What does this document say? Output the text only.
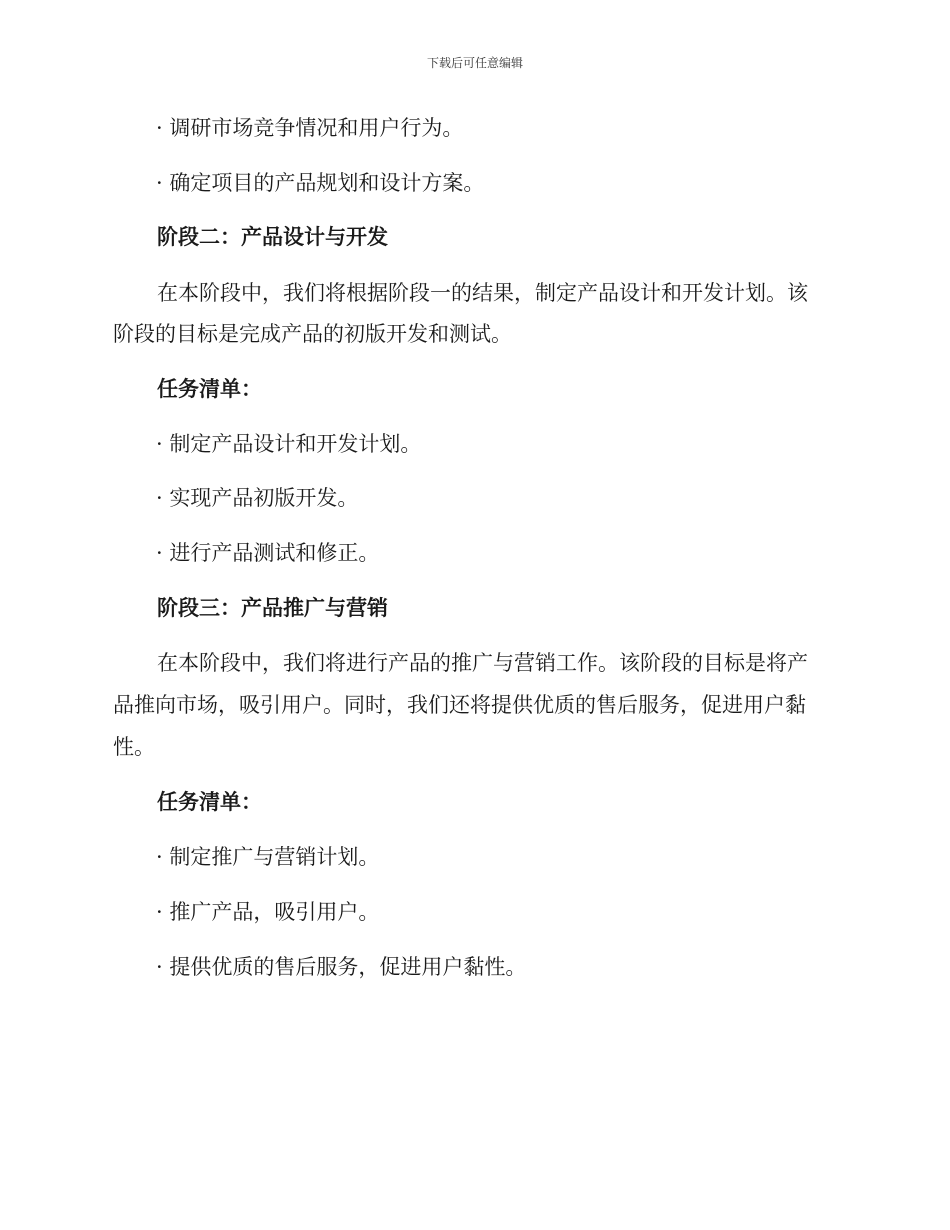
下载后可任意编辑
· 调研市场竞争情况和用户行为。
· 确定项目的产品规划和设计方案。
阶段二：产品设计与开发
在本阶段中，我们将根据阶段一的结果，制定产品设计和开发计划。该
阶段的目标是完成产品的初版开发和测试。
任务清单：
· 制定产品设计和开发计划。
· 实现产品初版开发。
· 进行产品测试和修正。
阶段三：产品推广与营销
在本阶段中，我们将进行产品的推广与营销工作。该阶段的目标是将产
品推向市场，吸引用户。同时，我们还将提供优质的售后服务，促进用户黏
性。
任务清单：
· 制定推广与营销计划。
· 推广产品，吸引用户。
· 提供优质的售后服务，促进用户黏性。
